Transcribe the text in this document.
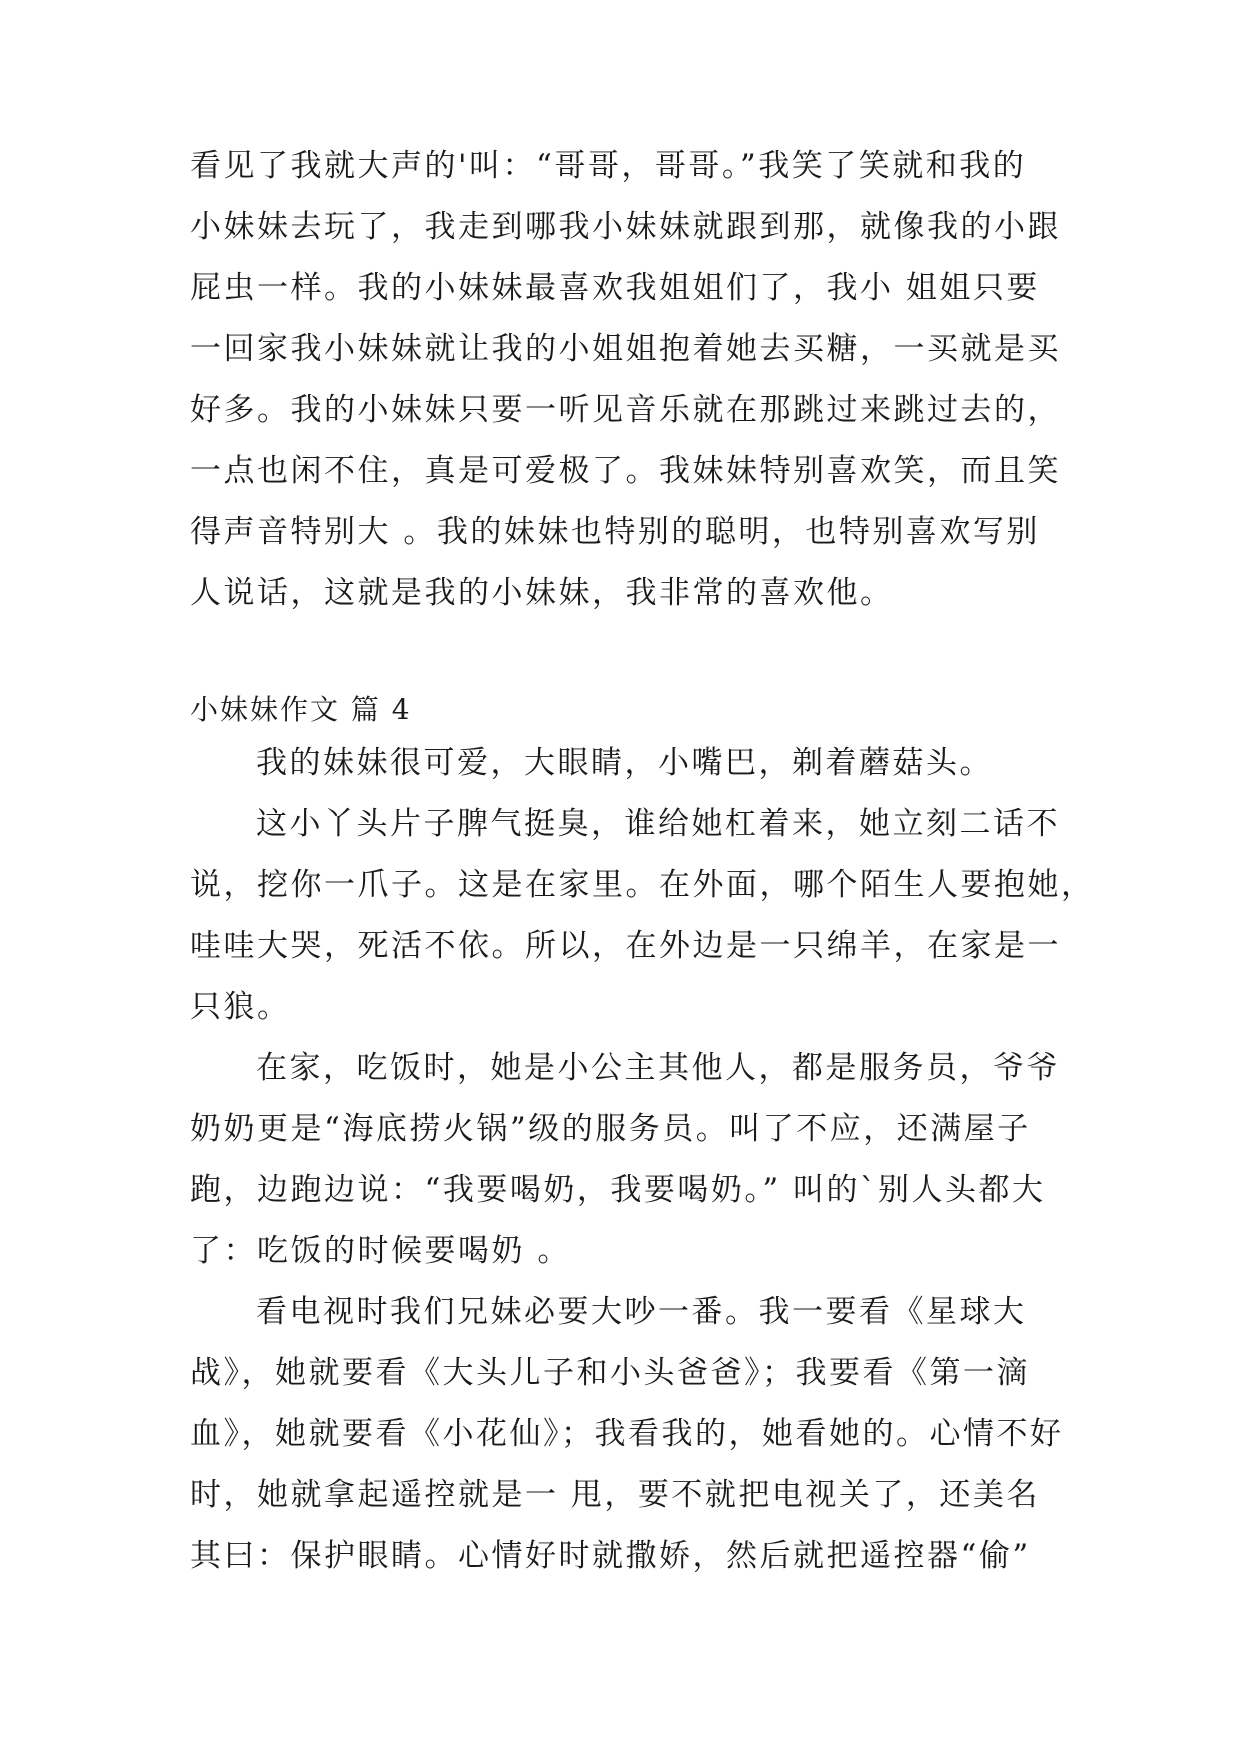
看见了我就大声的'叫：“哥哥，哥哥。”我笑了笑就和我的
小妹妹去玩了，我走到哪我小妹妹就跟到那，就像我的小跟
屁虫一样。我的小妹妹最喜欢我姐姐们了，我小 姐姐只要
一回家我小妹妹就让我的小姐姐抱着她去买糖，一买就是买
好多。我的小妹妹只要一听见音乐就在那跳过来跳过去的，
一点也闲不住，真是可爱极了。我妹妹特别喜欢笑，而且笑
得声音特别大 。我的妹妹也特别的聪明，也特别喜欢写别
人说话，这就是我的小妹妹，我非常的喜欢他。
小妹妹作文 篇 4
我的妹妹很可爱，大眼睛，小嘴巴，剃着蘑菇头。
这小丫头片子脾气挺臭，谁给她杠着来，她立刻二话不
说，挖你一爪子。这是在家里。在外面，哪个陌生人要抱她，
哇哇大哭，死活不依。所以，在外边是一只绵羊，在家是一
只狼。
在家，吃饭时，她是小公主其他人，都是服务员，爷爷
奶奶更是“海底捞火锅”级的服务员。叫了不应，还满屋子
跑，边跑边说：“我要喝奶，我要喝奶。” 叫的`别人头都大
了：吃饭的时候要喝奶 。
看电视时我们兄妹必要大吵一番。我一要看《星球大
战》，她就要看《大头儿子和小头爸爸》；我要看《第一滴
血》，她就要看《小花仙》；我看我的，她看她的。心情不好
时，她就拿起遥控就是一 甩，要不就把电视关了，还美名
其曰：保护眼睛。心情好时就撒娇，然后就把遥控器“偷”
